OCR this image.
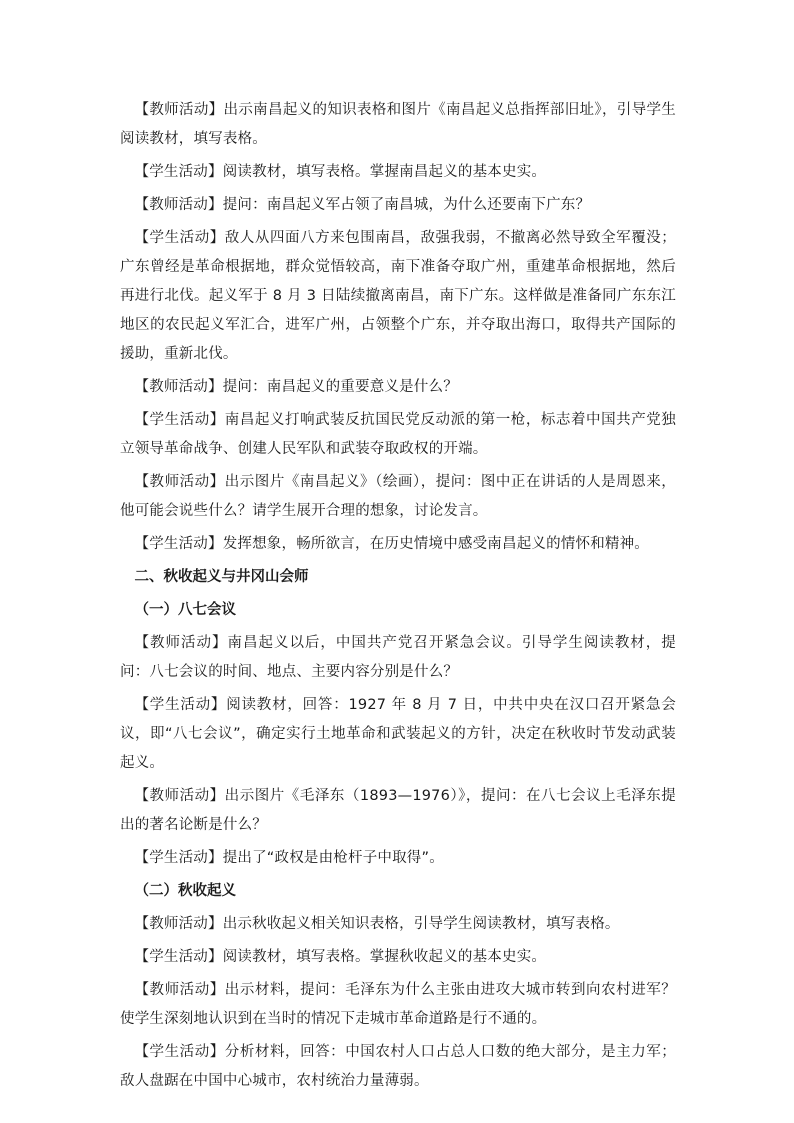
【教师活动】出示南昌起义的知识表格和图片《南昌起义总指挥部旧址》，引导学生阅读教材，填写表格。

【学生活动】阅读教材，填写表格。掌握南昌起义的基本史实。

【教师活动】提问：南昌起义军占领了南昌城，为什么还要南下广东？

【学生活动】敌人从四面八方来包围南昌，敌强我弱，不撤离必然导致全军覆没；广东曾经是革命根据地，群众觉悟较高，南下准备夺取广州，重建革命根据地，然后再进行北伐。起义军于 8 月 3 日陆续撤离南昌，南下广东。这样做是准备同广东东江地区的农民起义军汇合，进军广州，占领整个广东，并夺取出海口，取得共产国际的援助，重新北伐。

【教师活动】提问：南昌起义的重要意义是什么？

【学生活动】南昌起义打响武装反抗国民党反动派的第一枪，标志着中国共产党独立领导革命战争、创建人民军队和武装夺取政权的开端。

【教师活动】出示图片《南昌起义》（绘画），提问：图中正在讲话的人是周恩来，他可能会说些什么？请学生展开合理的想象，讨论发言。

【学生活动】发挥想象，畅所欲言，在历史情境中感受南昌起义的情怀和精神。

二、秋收起义与井冈山会师

（一）八七会议

【教师活动】南昌起义以后，中国共产党召开紧急会议。引导学生阅读教材，提问：八七会议的时间、地点、主要内容分别是什么？

【学生活动】阅读教材，回答：1927 年 8 月 7 日，中共中央在汉口召开紧急会议，即“八七会议”，确定实行土地革命和武装起义的方针，决定在秋收时节发动武装起义。

【教师活动】出示图片《毛泽东（1893—1976）》，提问：在八七会议上毛泽东提出的著名论断是什么？

【学生活动】提出了“政权是由枪杆子中取得”。

（二）秋收起义

【教师活动】出示秋收起义相关知识表格，引导学生阅读教材，填写表格。

【学生活动】阅读教材，填写表格。掌握秋收起义的基本史实。

【教师活动】出示材料，提问：毛泽东为什么主张由进攻大城市转到向农村进军？使学生深刻地认识到在当时的情况下走城市革命道路是行不通的。

【学生活动】分析材料，回答：中国农村人口占总人口数的绝大部分，是主力军；敌人盘踞在中国中心城市，农村统治力量薄弱。
